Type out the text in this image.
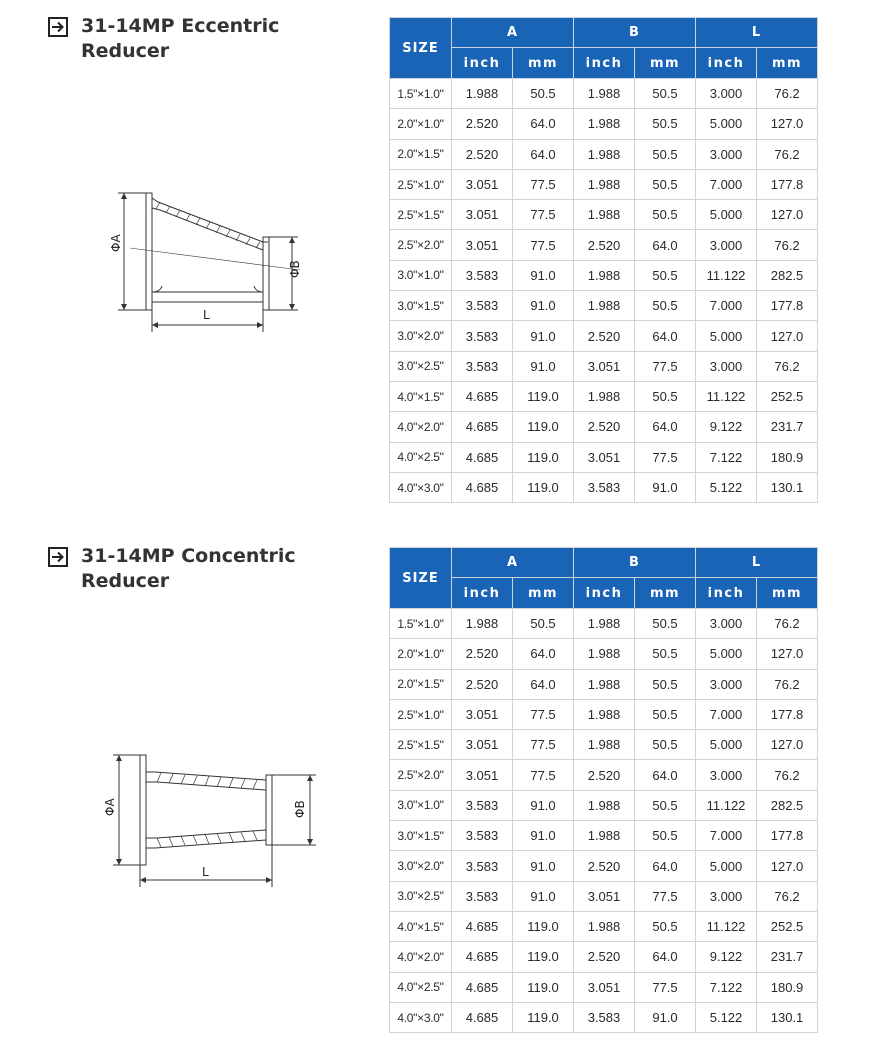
31-14MP Eccentric
Reducer
ΦA
ΦB
L
SIZE	A		B		L	
	inch	mm	inch	mm	inch	mm
1.5"×1.0"	1.988	50.5	1.988	50.5	3.000	76.2
2.0"×1.0"	2.520	64.0	1.988	50.5	5.000	127.0
2.0"×1.5"	2.520	64.0	1.988	50.5	3.000	76.2
2.5"×1.0"	3.051	77.5	1.988	50.5	7.000	177.8
2.5"×1.5"	3.051	77.5	1.988	50.5	5.000	127.0
2.5"×2.0"	3.051	77.5	2.520	64.0	3.000	76.2
3.0"×1.0"	3.583	91.0	1.988	50.5	11.122	282.5
3.0"×1.5"	3.583	91.0	1.988	50.5	7.000	177.8
3.0"×2.0"	3.583	91.0	2.520	64.0	5.000	127.0
3.0"×2.5"	3.583	91.0	3.051	77.5	3.000	76.2
4.0"×1.5"	4.685	119.0	1.988	50.5	11.122	252.5
4.0"×2.0"	4.685	119.0	2.520	64.0	9.122	231.7
4.0"×2.5"	4.685	119.0	3.051	77.5	7.122	180.9
4.0"×3.0"	4.685	119.0	3.583	91.0	5.122	130.1
31-14MP Concentric
Reducer
ΦA	ΦB
L
SIZE	A		B		L	
	inch	mm	inch	mm	inch	mm
1.5"×1.0"	1.988	50.5	1.988	50.5	3.000	76.2
2.0"×1.0"	2.520	64.0	1.988	50.5	5.000	127.0
2.0"×1.5"	2.520	64.0	1.988	50.5	3.000	76.2
2.5"×1.0"	3.051	77.5	1.988	50.5	7.000	177.8
2.5"×1.5"	3.051	77.5	1.988	50.5	5.000	127.0
2.5"×2.0"	3.051	77.5	2.520	64.0	3.000	76.2
3.0"×1.0"	3.583	91.0	1.988	50.5	11.122	282.5
3.0"×1.5"	3.583	91.0	1.988	50.5	7.000	177.8
3.0"×2.0"	3.583	91.0	2.520	64.0	5.000	127.0
3.0"×2.5"	3.583	91.0	3.051	77.5	3.000	76.2
4.0"×1.5"	4.685	119.0	1.988	50.5	11.122	252.5
4.0"×2.0"	4.685	119.0	2.520	64.0	9.122	231.7
4.0"×2.5"	4.685	119.0	3.051	77.5	7.122	180.9
4.0"×3.0"	4.685	119.0	3.583	91.0	5.122	130.1
